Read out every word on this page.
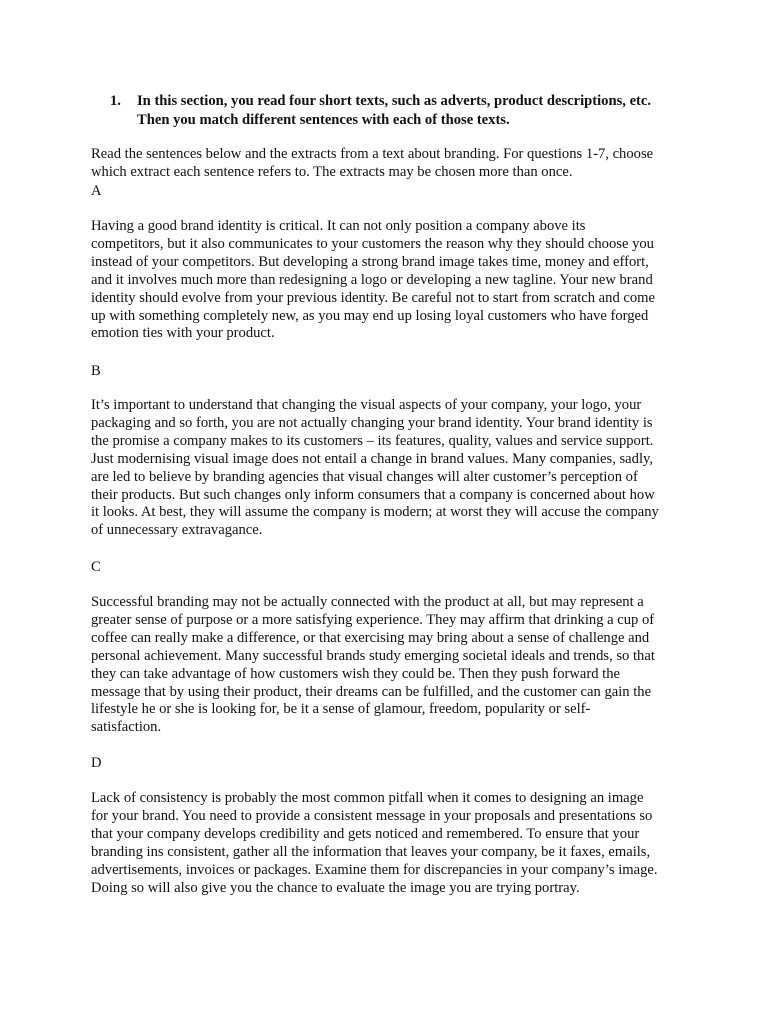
1. In this section, you read four short texts, such as adverts, product descriptions, etc.
Then you match different sentences with each of those texts.
Read the sentences below and the extracts from a text about branding. For questions 1-7, choose
which extract each sentence refers to. The extracts may be chosen more than once.
A
Having a good brand identity is critical. It can not only position a company above its
competitors, but it also communicates to your customers the reason why they should choose you
instead of your competitors. But developing a strong brand image takes time, money and effort,
and it involves much more than redesigning a logo or developing a new tagline. Your new brand
identity should evolve from your previous identity. Be careful not to start from scratch and come
up with something completely new, as you may end up losing loyal customers who have forged
emotion ties with your product.
B
It’s important to understand that changing the visual aspects of your company, your logo, your
packaging and so forth, you are not actually changing your brand identity. Your brand identity is
the promise a company makes to its customers – its features, quality, values and service support.
Just modernising visual image does not entail a change in brand values. Many companies, sadly,
are led to believe by branding agencies that visual changes will alter customer’s perception of
their products. But such changes only inform consumers that a company is concerned about how
it looks. At best, they will assume the company is modern; at worst they will accuse the company
of unnecessary extravagance.
C
Successful branding may not be actually connected with the product at all, but may represent a
greater sense of purpose or a more satisfying experience. They may affirm that drinking a cup of
coffee can really make a difference, or that exercising may bring about a sense of challenge and
personal achievement. Many successful brands study emerging societal ideals and trends, so that
they can take advantage of how customers wish they could be. Then they push forward the
message that by using their product, their dreams can be fulfilled, and the customer can gain the
lifestyle he or she is looking for, be it a sense of glamour, freedom, popularity or self-
satisfaction.
D
Lack of consistency is probably the most common pitfall when it comes to designing an image
for your brand. You need to provide a consistent message in your proposals and presentations so
that your company develops credibility and gets noticed and remembered. To ensure that your
branding ins consistent, gather all the information that leaves your company, be it faxes, emails,
advertisements, invoices or packages. Examine them for discrepancies in your company’s image.
Doing so will also give you the chance to evaluate the image you are trying portray.
